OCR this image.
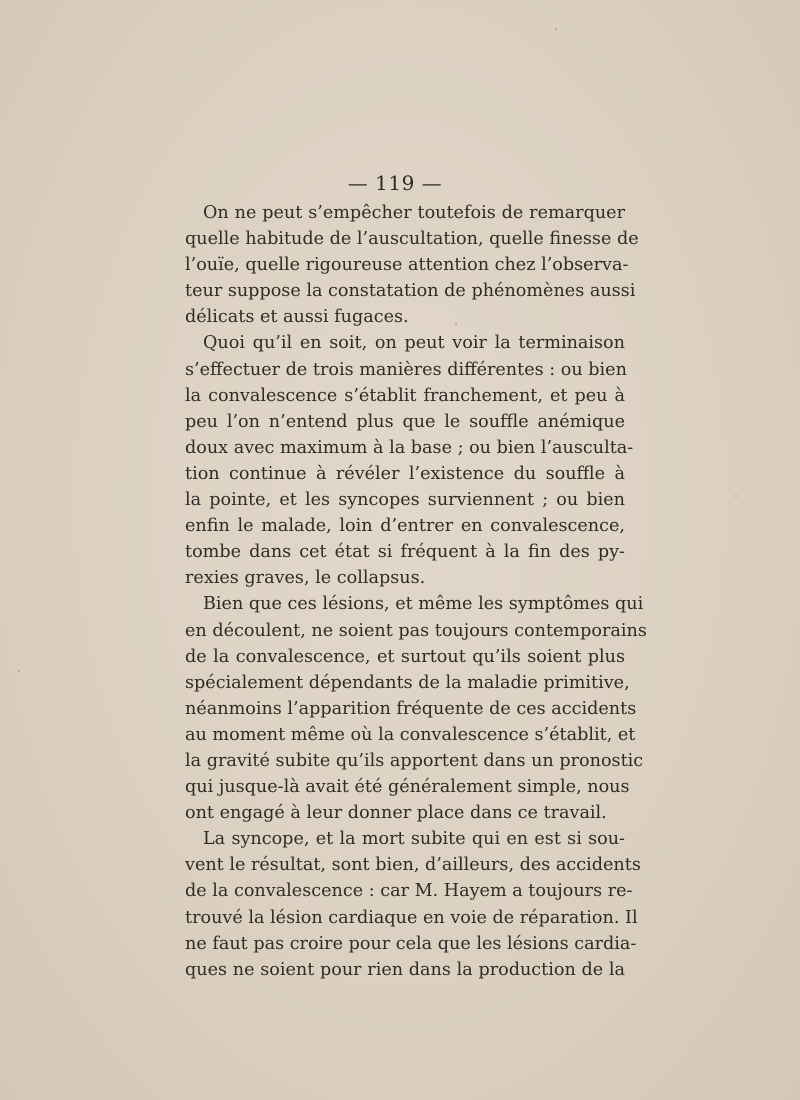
— 119 —
On ne peut s’empêcher toutefois de remarquer
quelle habitude de l’auscultation, quelle finesse de
l’ouïe, quelle rigoureuse attention chez l’observa-
teur suppose la constatation de phénomènes aussi
délicats et aussi fugaces.
Quoi qu’il en soit, on peut voir la terminaison
s’effectuer de trois manières différentes : ou bien
la convalescence s’établit franchement, et peu à
peu l’on n’entend plus que le souffle anémique
doux avec maximum à la base ; ou bien l’ausculta-
tion continue à révéler l’existence du souffle à
la pointe, et les syncopes surviennent ; ou bien
enfin le malade, loin d’entrer en convalescence,
tombe dans cet état si fréquent à la fin des py-
rexies graves, le collapsus.
Bien que ces lésions, et même les symptômes qui
en découlent, ne soient pas toujours contemporains
de la convalescence, et surtout qu’ils soient plus
spécialement dépendants de la maladie primitive,
néanmoins l’apparition fréquente de ces accidents
au moment même où la convalescence s’établit, et
la gravité subite qu’ils apportent dans un pronostic
qui jusque-là avait été généralement simple, nous
ont engagé à leur donner place dans ce travail.
La syncope, et la mort subite qui en est si sou-
vent le résultat, sont bien, d’ailleurs, des accidents
de la convalescence : car M. Hayem a toujours re-
trouvé la lésion cardiaque en voie de réparation. Il
ne faut pas croire pour cela que les lésions cardia-
ques ne soient pour rien dans la production de la
